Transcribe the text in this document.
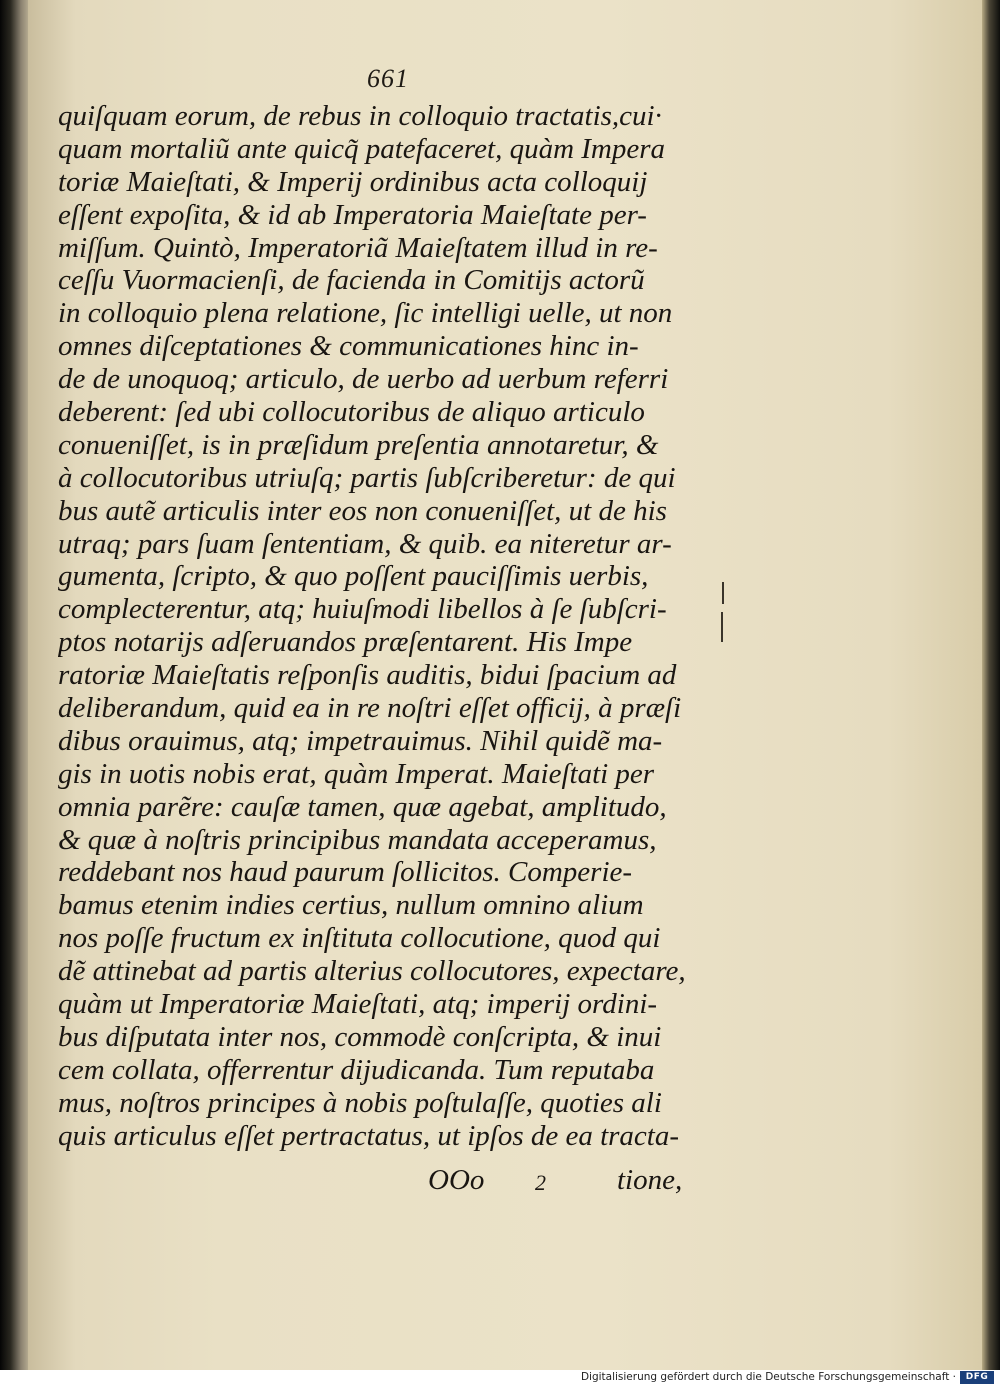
661
quiſquam eorum, de rebus in colloquio tractatis,cui·
quam mortaliũ ante quicq̃ patefaceret, quàm Impera
toriæ Maieſtati, & Imperij ordinibus acta colloquij
eſſent expoſita, & id ab Imperatoria Maieſtate per-
miſſum. Quintò, Imperatoriã Maieſtatem illud in re-
ceſſu Vuormacienſi, de facienda in Comitijs actorũ
in colloquio plena relatione, ſic intelligi uelle, ut non
omnes diſceptationes & communicationes hinc in-
de de unoquoq; articulo, de uerbo ad uerbum referri
deberent: ſed ubi collocutoribus de aliquo articulo
conueniſſet, is in præſidum preſentia annotaretur, &
à collocutoribus utriuſq; partis ſubſcriberetur: de qui
bus autẽ articulis inter eos non conueniſſet, ut de his
utraq; pars ſuam ſententiam, & quib. ea niteretur ar-
gumenta, ſcripto, & quo poſſent pauciſſimis uerbis,
complecterentur, atq; huiuſmodi libellos à ſe ſubſcri-
ptos notarijs adſeruandos præſentarent. His Impe
ratoriæ Maieſtatis reſponſis auditis, bidui ſpacium ad
deliberandum, quid ea in re noſtri eſſet officij, à præſi
dibus orauimus, atq; impetrauimus. Nihil quidẽ ma-
gis in uotis nobis erat, quàm Imperat. Maieſtati per
omnia parẽre: cauſæ tamen, quæ agebat, amplitudo,
& quæ à noſtris principibus mandata acceperamus,
reddebant nos haud paurum ſollicitos. Comperie-
bamus etenim indies certius, nullum omnino alium
nos poſſe fructum ex inſtituta collocutione, quod qui
dẽ attinebat ad partis alterius collocutores, expectare,
quàm ut Imperatoriæ Maieſtati, atq; imperij ordini-
bus diſputata inter nos, commodè conſcripta, & inui
cem collata, offerrentur dijudicanda. Tum reputaba
mus, noſtros principes à nobis poſtulaſſe, quoties ali
quis articulus eſſet pertractatus, ut ipſos de ea tracta-
OOo 2 tione,
Digitalisierung gefördert durch die Deutsche Forschungsgemeinschaft ·	DFG
